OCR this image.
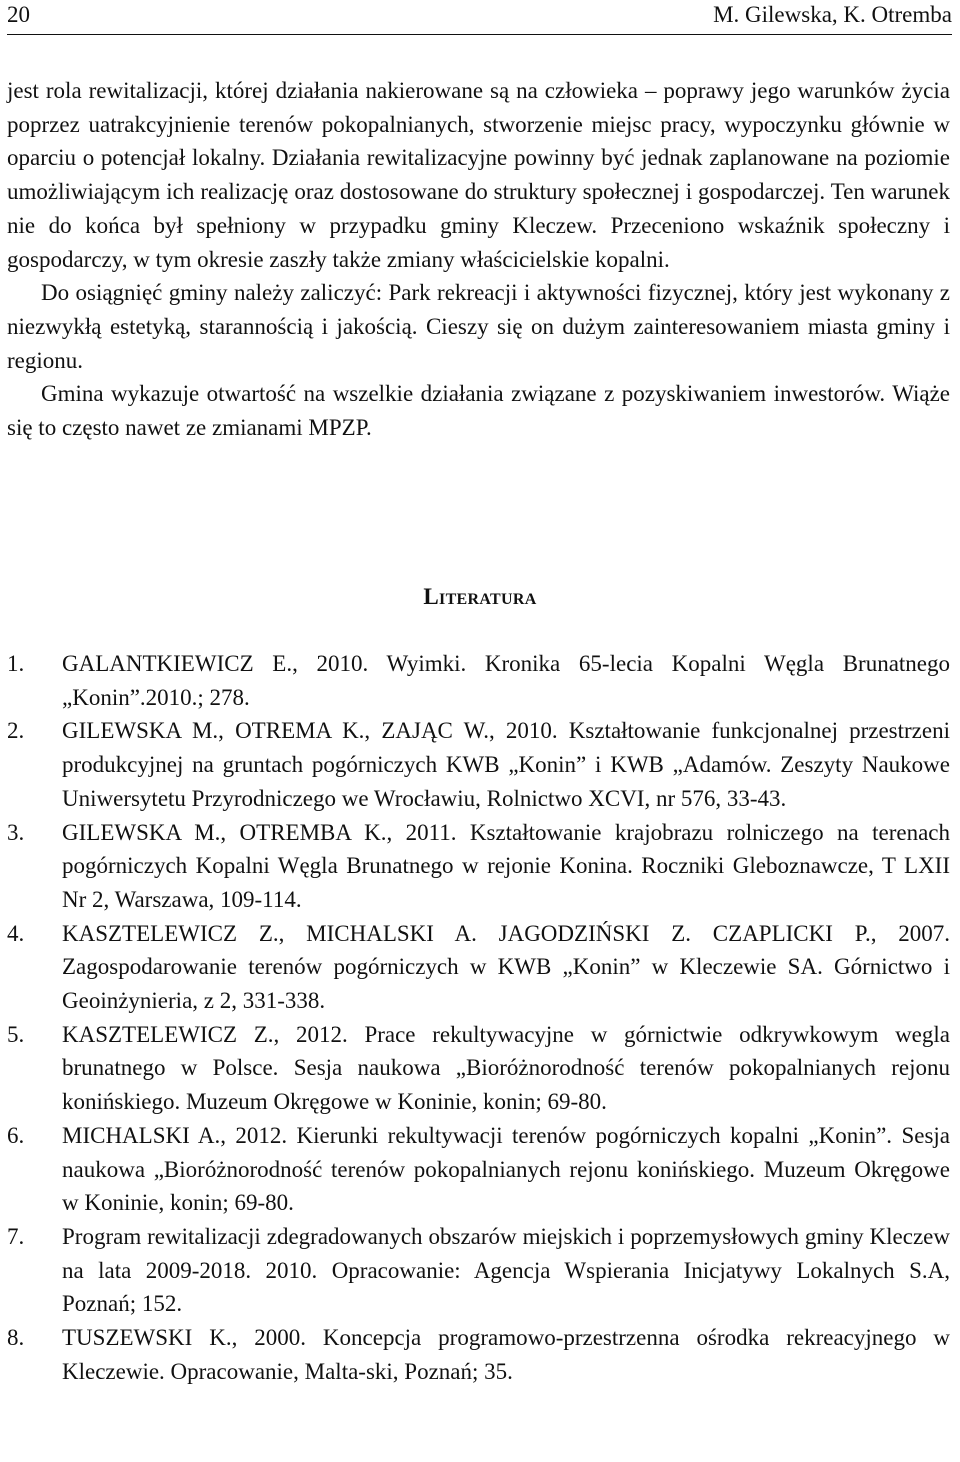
20	M. Gilewska, K. Otremba

jest rola rewitalizacji, której działania nakierowane są na człowieka – poprawy jego warunków życia poprzez uatrakcyjnienie terenów pokopalnianych, stworzenie miejsc pracy, wypoczynku głównie w oparciu o potencjał lokalny. Działania rewitalizacyjne powinny być jednak zaplanowane na poziomie umożliwiającym ich realizację oraz dostosowane do struktury społecznej i gospodarczej. Ten warunek nie do końca był spełniony w przypadku gminy Kleczew. Przeceniono wskaźnik społeczny i gospodarczy, w tym okresie zaszły także zmiany właścicielskie kopalni.

Do osiągnięć gminy należy zaliczyć: Park rekreacji i aktywności fizycznej, który jest wykonany z niezwykłą estetyką, starannością i jakością. Cieszy się on dużym zainteresowaniem miasta gminy i regionu.

Gmina wykazuje otwartość na wszelkie działania związane z pozyskiwaniem inwestorów. Wiąże się to często nawet ze zmianami MPZP.

Literatura
1. GALANTKIEWICZ E., 2010. Wyimki. Kronika 65-lecia Kopalni Węgla Brunatnego „Konin”.2010.; 278.
2. GILEWSKA M., OTREMA K., ZAJĄC W., 2010. Kształtowanie funkcjonalnej przestrzeni produkcyjnej na gruntach pogórniczych KWB „Konin” i KWB „Adamów. Zeszyty Naukowe Uniwersytetu Przyrodniczego we Wrocławiu, Rolnictwo XCVI, nr 576, 33-43.
3. GILEWSKA M., OTREMBA K., 2011. Kształtowanie krajobrazu rolniczego na terenach pogórniczych Kopalni Węgla Brunatnego w rejonie Konina. Roczniki Gleboznawcze, T LXII Nr 2, Warszawa, 109-114.
4. KASZTELEWICZ Z., MICHALSKI A. JAGODZIŃSKI Z. CZAPLICKI P., 2007. Zagospodarowanie terenów pogórniczych w KWB „Konin” w Kleczewie SA. Górnictwo i Geoinżynieria, z 2, 331-338.
5. KASZTELEWICZ Z., 2012. Prace rekultywacyjne w górnictwie odkrywkowym wegla brunatnego w Polsce. Sesja naukowa „Bioróżnorodność terenów pokopalnianych rejonu konińskiego. Muzeum Okręgowe w Koninie, konin; 69-80.
6. MICHALSKI A., 2012. Kierunki rekultywacji terenów pogórniczych kopalni „Konin”. Sesja naukowa „Bioróżnorodność terenów pokopalnianych rejonu konińskiego. Muzeum Okręgowe w Koninie, konin; 69-80.
7. Program rewitalizacji zdegradowanych obszarów miejskich i poprzemysłowych gminy Kleczew na lata 2009-2018. 2010. Opracowanie: Agencja Wspierania Inicjatywy Lokalnych S.A, Poznań; 152.
8. TUSZEWSKI K., 2000. Koncepcja programowo-przestrzenna ośrodka rekreacyjnego w Kleczewie. Opracowanie, Malta-ski, Poznań; 35.
